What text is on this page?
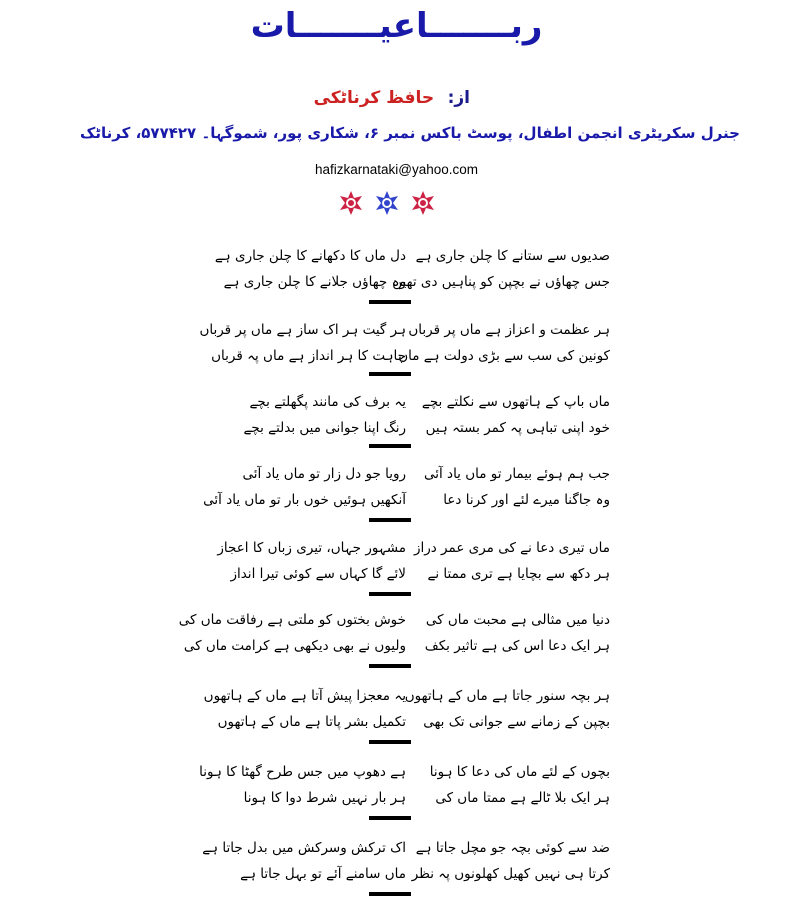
ربـــــــاعيـــــــات
از: حافظ کرناٹکی
جنرل سکریٹری انجمن اطفال، پوسٹ باکس نمبر ۶، شکاری پور، شموگہا۔ ۵۷۷۴۲۷، کرناٹک
hafizkarnataki@yahoo.com
صدیوں سے ستانے کا چلن جاری ہے
دل ماں کا دکھانے کا چلن جاری ہے
جس چھاؤں نے بچپن کو پناہیں دی تھیں
وہ چھاؤں جلانے کا چلن جاری ہے
ہر عظمت و اعزاز ہے ماں پر قرباں
ہر گیت ہر اک ساز ہے ماں پر قرباں
کونین کی سب سے بڑی دولت ہے ماں
چاہت کا ہر انداز ہے ماں پہ قرباں
ماں باپ کے ہاتھوں سے نکلتے بچے
یہ برف کی مانند پگھلتے بچے
خود اپنی تباہی پہ کمر بستہ ہیں
رنگ اپنا جوانی میں بدلتے بچے
جب ہم ہوئے بیمار تو ماں یاد آئی
رویا جو دل زار تو ماں یاد آئی
وہ جاگنا میرے لئے اور کرنا دعا
آنکھیں ہوئیں خوں بار تو ماں یاد آئی
ماں تیری دعا نے کی مری عمر دراز
مشہور جہاں، تیری زباں کا اعجاز
ہر دکھ سے بچایا ہے تری ممتا نے
لائے گا کہاں سے کوئی تیرا انداز
دنیا میں مثالی ہے محبت ماں کی
خوش بختوں کو ملتی ہے رفاقت ماں کی
ہر ایک دعا اس کی ہے تاثیر بکف
ولیوں نے بھی دیکھی ہے کرامت ماں کی
ہر بچہ سنور جاتا ہے ماں کے ہاتھوں
یہ معجزا پیش آتا ہے ماں کے ہاتھوں
بچپن کے زمانے سے جوانی تک بھی
تکمیل بشر پاتا ہے ماں کے ہاتھوں
بچوں کے لئے ماں کی دعا کا ہونا
ہے دھوپ میں جس طرح گھٹا کا ہونا
ہر ایک بلا ٹالے ہے ممتا ماں کی
ہر بار نہیں شرط دوا کا ہونا
ضد سے کوئی بچہ جو مچل جاتا ہے
اک ترکش وسرکش میں بدل جاتا ہے
کرتا ہی نہیں کھیل کھلونوں پہ نظر
ماں سامنے آئے تو بہل جاتا ہے
